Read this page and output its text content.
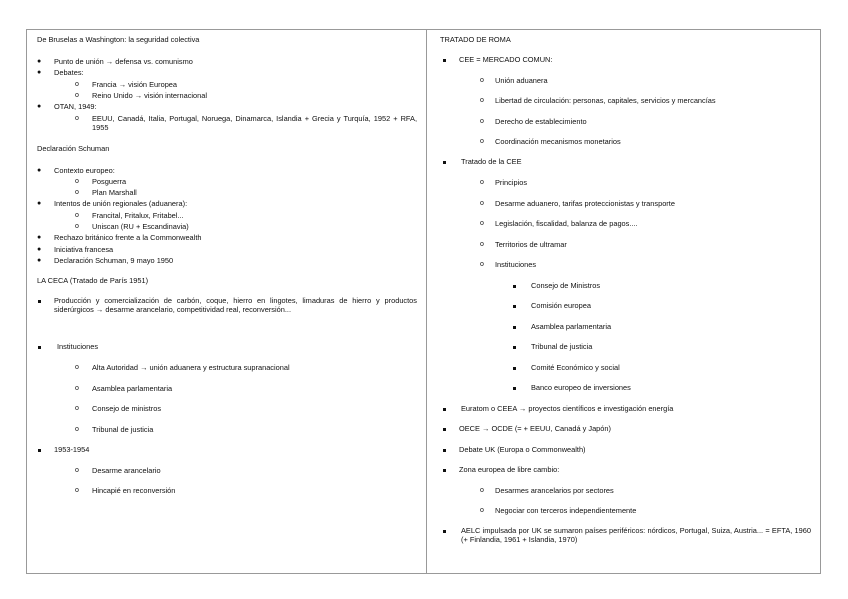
De Bruselas a Washington: la seguridad colectiva
● Punto de unión → defensa vs. comunismo
● Debates:
o Francia → visión Europea
o Reino Unido → visión internacional
● OTAN, 1949:
o EEUU, Canadá, Italia, Portugal, Noruega, Dinamarca, Islandia + Grecia y Turquía, 1952 + RFA, 1955
Declaración Schuman
● Contexto europeo:
o Posguerra
o Plan Marshall
● Intentos de unión regionales (aduanera):
o Francital, Fritalux, Fritabel...
o Uniscan (RU + Escandinavia)
● Rechazo británico frente a la Commonwealth
● Iniciativa francesa
● Declaración Schuman, 9 mayo 1950
LA CECA (Tratado de París 1951)
Producción y comercialización de carbón, coque, hierro en lingotes, limaduras de hierro y productos siderúrgicos → desarme arancelario, competitividad real, reconversión...
Instituciones
o Alta Autoridad → unión aduanera y estructura supranacional
o Asamblea parlamentaria
o Consejo de ministros
o Tribunal de justicia
1953-1954
o Desarme arancelario
o Hincapié en reconversión
TRATADO DE ROMA
CEE = MERCADO COMUN:
o Unión aduanera
o Libertad de circulación: personas, capitales, servicios y mercancías
o Derecho de establecimiento
o Coordinación mecanismos monetarios
Tratado de la CEE
o Principios
o Desarme aduanero, tarifas proteccionistas y transporte
o Legislación, fiscalidad, balanza de pagos....
o Territorios de ultramar
o Instituciones
Consejo de Ministros
Comisión europea
Asamblea parlamentaria
Tribunal de justicia
Comité Económico y social
Banco europeo de inversiones
Euratom o CEEA → proyectos científicos e investigación energía
OECE → OCDE (= + EEUU, Canadá y Japón)
Debate UK (Europa o Commonwealth)
Zona europea de libre cambio:
o Desarmes arancelarios por sectores
o Negociar con terceros independientemente
AELC impulsada por UK se sumaron países periféricos: nórdicos, Portugal, Suiza, Austria... = EFTA, 1960 (+ Finlandia, 1961 + Islandia, 1970)
